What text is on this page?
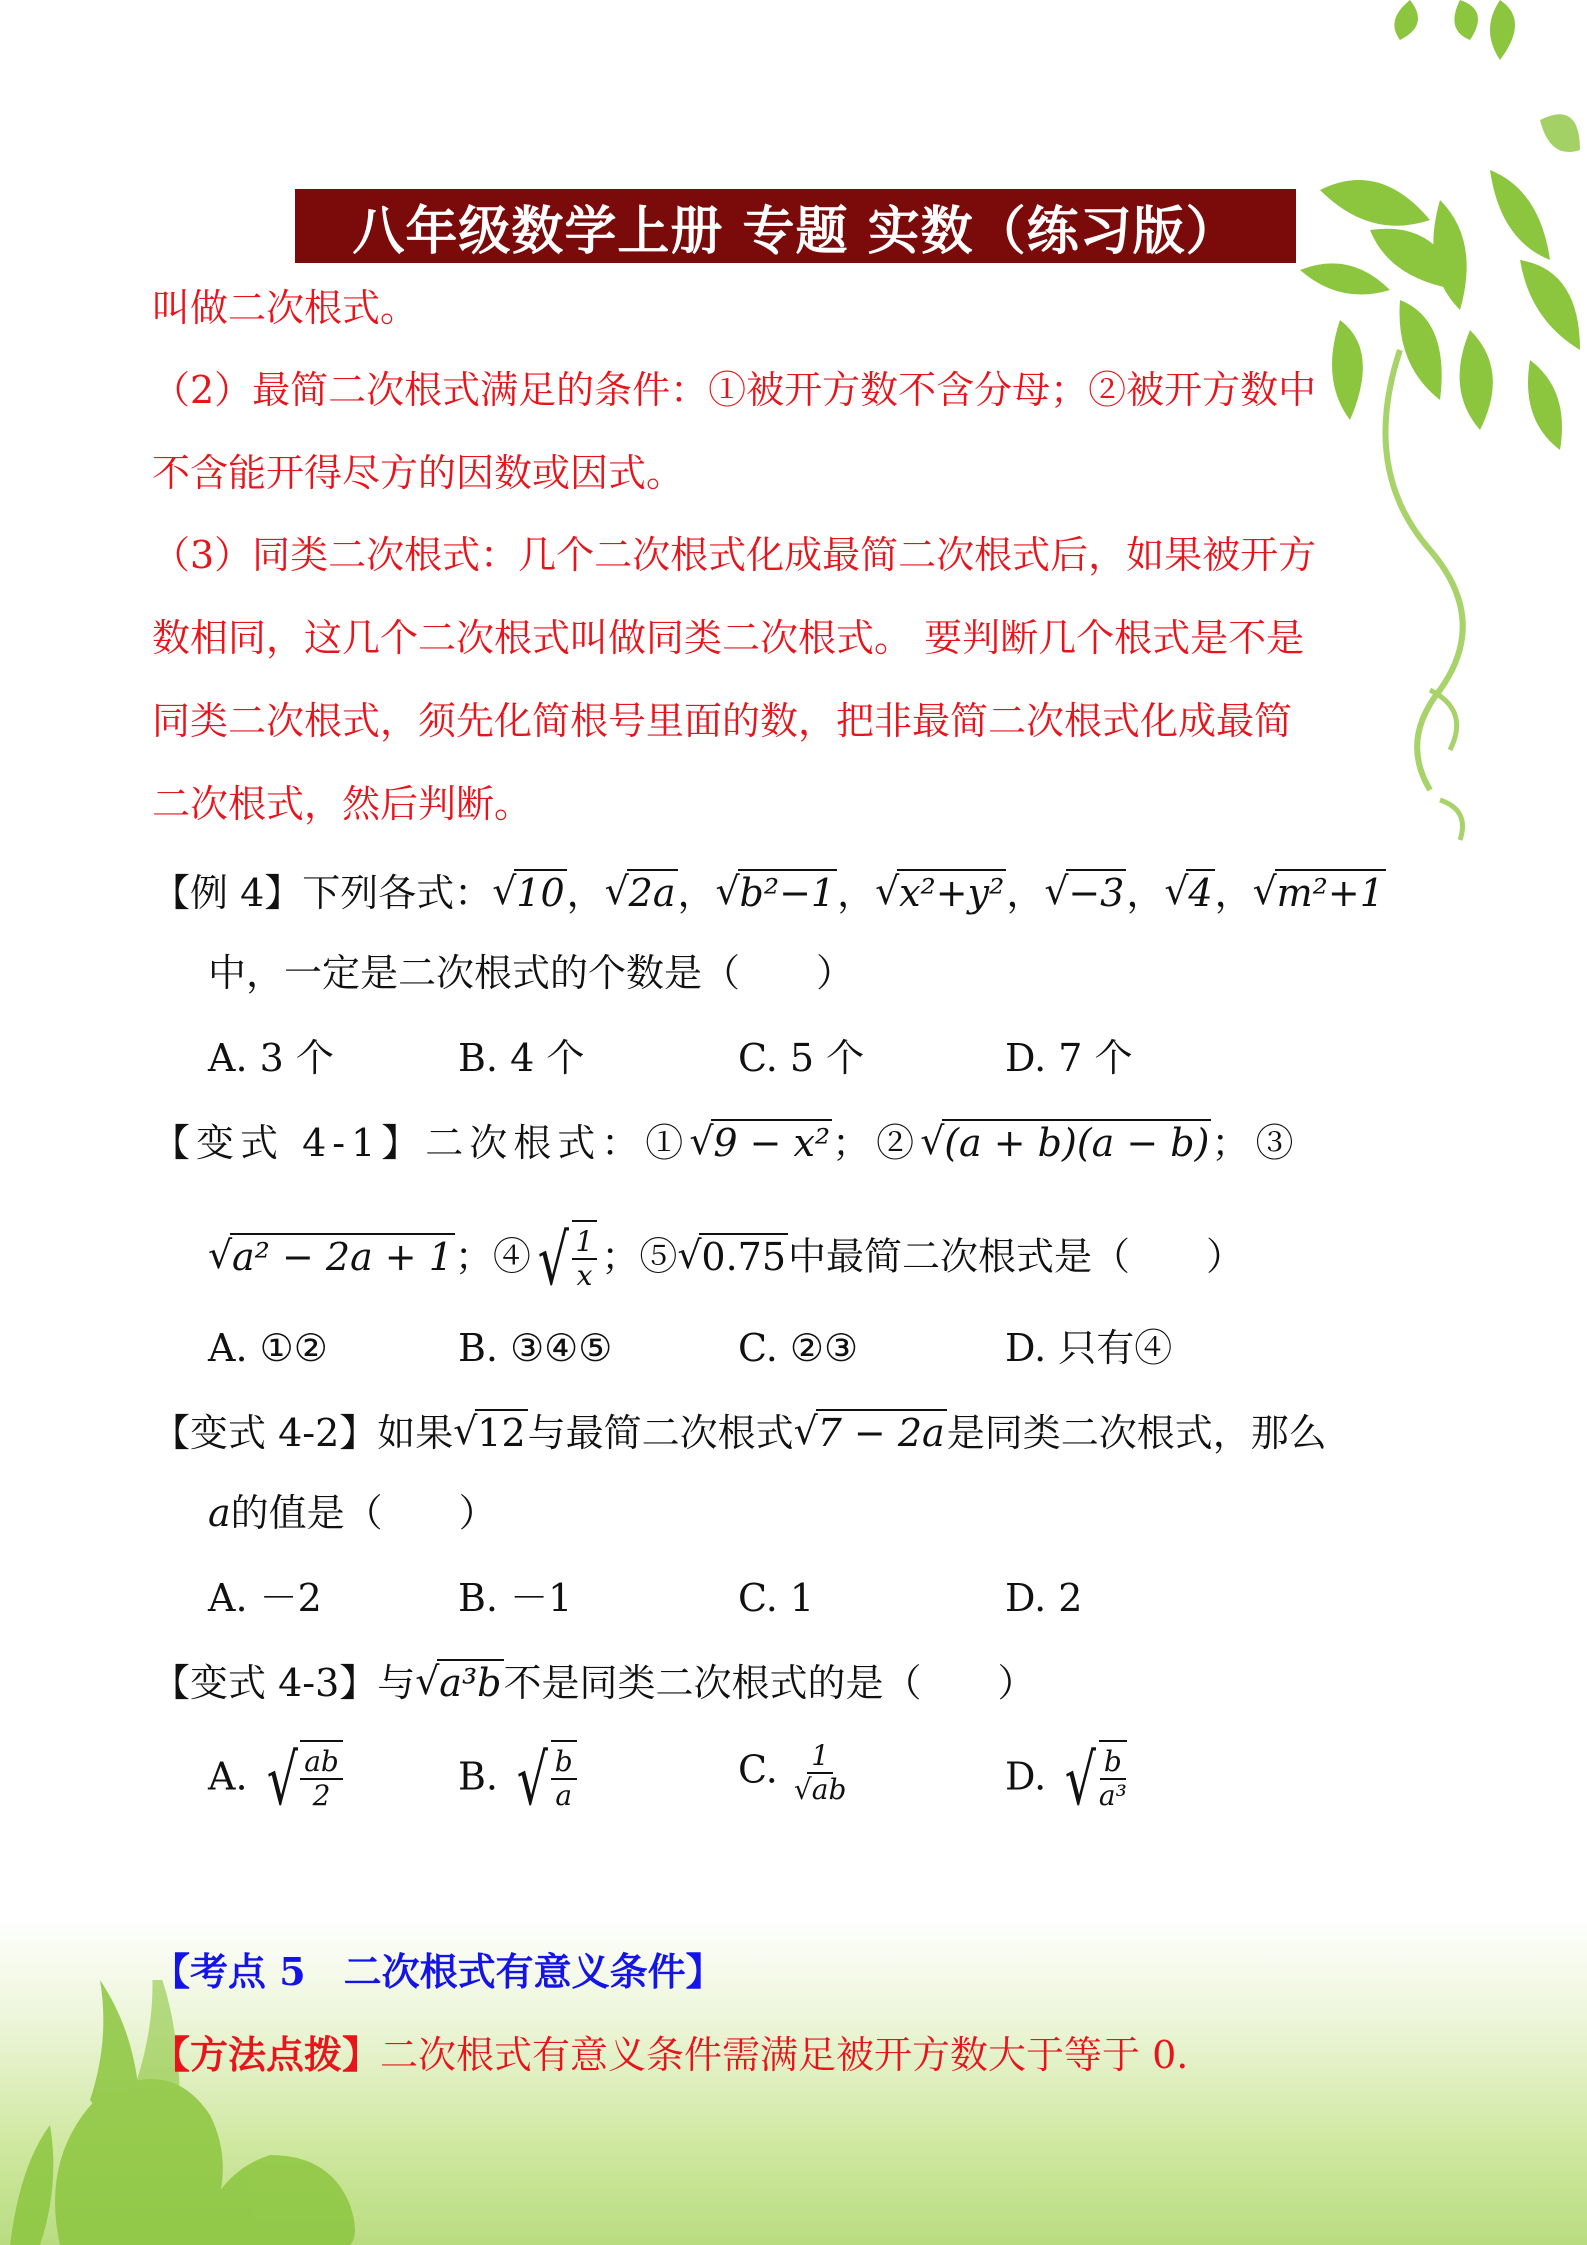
八年级数学上册 专题 实数（练习版）
叫做二次根式。
（2）最简二次根式满足的条件：①被开方数不含分母；②被开方数中
不含能开得尽方的因数或因式。
（3）同类二次根式：几个二次根式化成最简二次根式后，如果被开方
数相同，这几个二次根式叫做同类二次根式。 要判断几个根式是不是
同类二次根式，须先化简根号里面的数，把非最简二次根式化成最简
二次根式，然后判断。
【例 4】下列各式： √ 10， √ 2a， √ b²−1， √ x²+y²， √ −3， √ 4， √ m²+1
中，一定是二次根式的个数是（　　）
A. 3 个	B. 4 个	C. 5 个	D. 7 个
【变式 4-1】二次根式：① √ 9 − x²；② √ (a + b)(a − b)；③
√ a² − 2a + 1；④ √ $\frac{1}{x}$ ；⑤ √ 0.75中最简二次根式是（　　）
A. ①②	B. ③④⑤	C. ②③	D. 只有④
【变式 4-2】如果 √ 12与最简二次根式 √ 7 − 2a是同类二次根式，那么
a的值是（　　）
A. －2	B. －1	C. 1	D. 2
【变式 4-3】与 √ a³b不是同类二次根式的是（　　）
A. √ $\frac{ab}{2}$	B. √ $\frac{b}{a}$	C. $\frac{1}{√ab}$	D. √ $\frac{b}{\text{a³}}$
【考点 5　二次根式有意义条件】
【方法点拨】二次根式有意义条件需满足被开方数大于等于 0.
